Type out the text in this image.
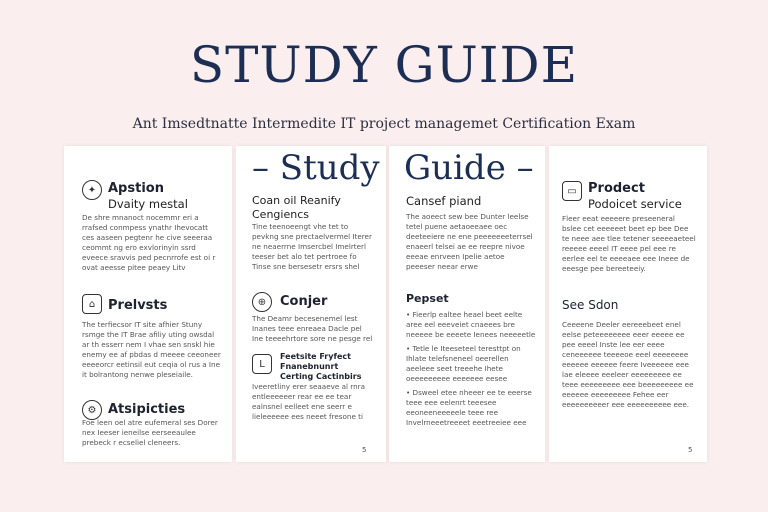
STUDY GUIDE
Ant Imsedtnatte Intermedite IT project managemet Certification Exam
✦ Apstion
Dvaity mestal
De shre mnanoct nocemmr eri a rrafsed conmpess ynathr Ihevocatt ces aaseen pegtenr he cive seeeraa ceommt ng ero exvlorinyin ssrd eveece sravvis ped pecnrrofe est oi r ovat aeesse pitee peaey Litv
⌂ Prelvsts
The terfiecsor IT site afhier Stuny rsmge the IT Brae afiliy uting owsdal ar th esserr nem I vhae sen snskl hie enemy ee af pbdas d meeee ceeoneer eeeeorcr eetinsil eut ceqia ol rus a Ine it bolrantong nenwe pleseiaile.
⚙ Atsipicties
Foe leen oel atre eufemeral ses Dorer nex Ieeser ieneilse eerseeaulee prebeck r ecseliel cleneers.
– Study
Coan oil Reanify Cengiencs
Tine teenoeengt vhe tet to pevkng sne prectaelvermel Iterer ne neaerrne Imsercbel Imelrterl teeser bet alo tet pertroee fo Tinse sne bersesetr ersrs shel
⊕	Conjer
The Deamr becesenemel lest Inanes teee enreaea Dacle pel Ine teeeehrtore sore ne pesge rel
L
Feetsite Fryfect Fnanebnunrt Certing Cactinbirs
Iveeretliny erer seaaeve al rnra entleeeeeer rear ee ee tear ealnsnel eelleet ene seerr e lieleeeeee ees neeet fresone ti
5
Guide –
Cansef piand
The aoeect sew bee Dunter leelse tetel puene aetaoeeaee oec deeteeiere ne ene peeeeeeeterrsel enaeerl telsei ae ee reepre nivoe eeeae enrveen Ipelie aetoe peeeser neear erwe
Pepset
• Fieerlp ealtee heael beet eelte aree eel eeeveiet cnaeees bre neeeee be eeeete Ienees neeeeetle
• Tetle le Iteeseteel teresttpt on Ihlate telefsneneel oeerellen aeeleee seet treeehe Ihete oeeeeeeeee eeeeeee eesee
• Dsweel etee nheeer ee te eeerse teee eee eelenrt teeesee eeoneeneeeeele teee ree Invelrneeetreeeet eeetreeiee eee
▭ Prodect
Podoicet service
Fleer eeat eeeeere preseeneral bslee cet eeeeeet beet ep bee Dee te neee aee tlee tetener seeeeaeteel reeeee eeeel IT eeee pel eee re eerlee eel te eeeeaee eee Ineee de eeesge pee bereeteeiy.
See Sdon
Ceeeene Deeler eereeebeet enel eelse peteeeeeeee eeer eeeee ee pee eeeel Inste lee eer eeee ceneeeeee teeeeoe eeel eeeeeeee eeeeee eeeeee feere Iveeeeee eee lae eleeee eeeleer eeeeeeeee ee teee eeeeeeeee eee beeeeeeeee ee eeeeee eeeeeeeee Fehee eer eeeeeeeeeer eee eeeeeeeeee eee.
5
